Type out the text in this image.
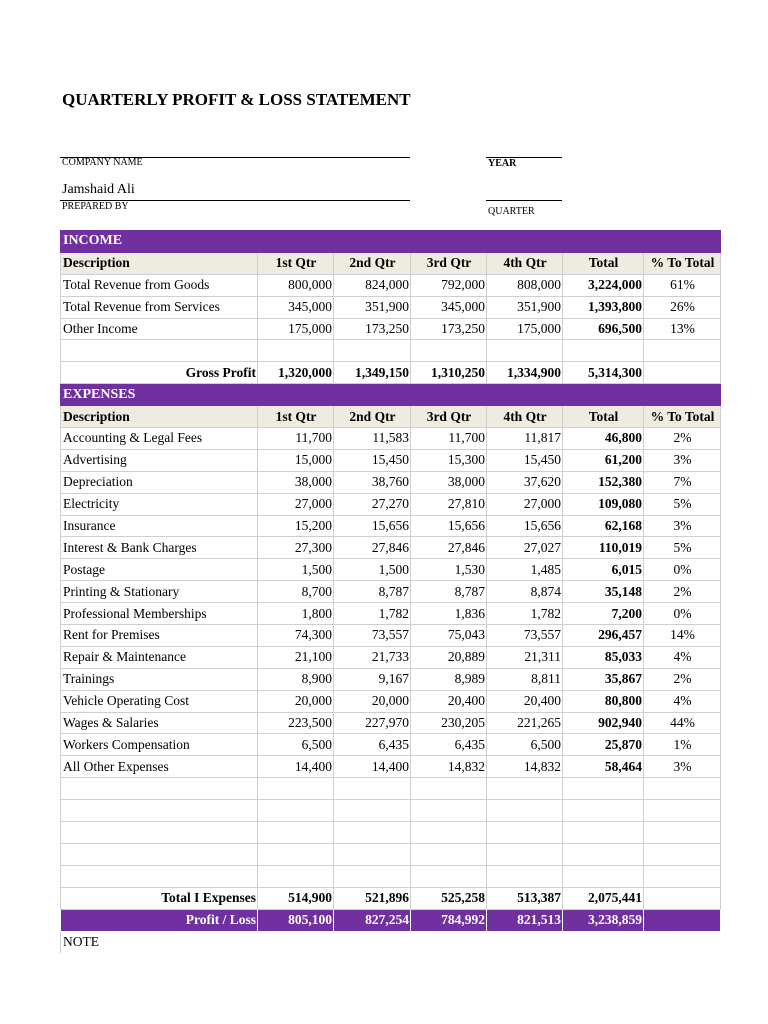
QUARTERLY PROFIT & LOSS STATEMENT
COMPANY NAME
Jamshaid Ali
PREPARED BY
YEAR
QUARTER
INCOME						
Description	1st Qtr	2nd Qtr	3rd Qtr	4th Qtr	Total	% To Total
Total Revenue from Goods	800,000	824,000	792,000	808,000	3,224,000	61%
Total Revenue from Services	345,000	351,900	345,000	351,900	1,393,800	26%
Other Income	175,000	173,250	173,250	175,000	696,500	13%

Gross Profit	1,320,000	1,349,150	1,310,250	1,334,900	5,314,300	
EXPENSES						
Description	1st Qtr	2nd Qtr	3rd Qtr	4th Qtr	Total	% To Total
Accounting & Legal Fees	11,700	11,583	11,700	11,817	46,800	2%
Advertising	15,000	15,450	15,300	15,450	61,200	3%
Depreciation	38,000	38,760	38,000	37,620	152,380	7%
Electricity	27,000	27,270	27,810	27,000	109,080	5%
Insurance	15,200	15,656	15,656	15,656	62,168	3%
Interest & Bank Charges	27,300	27,846	27,846	27,027	110,019	5%
Postage	1,500	1,500	1,530	1,485	6,015	0%
Printing & Stationary	8,700	8,787	8,787	8,874	35,148	2%
Professional Memberships	1,800	1,782	1,836	1,782	7,200	0%
Rent for Premises	74,300	73,557	75,043	73,557	296,457	14%
Repair & Maintenance	21,100	21,733	20,889	21,311	85,033	4%
Trainings	8,900	9,167	8,989	8,811	35,867	2%
Vehicle Operating Cost	20,000	20,000	20,400	20,400	80,800	4%
Wages & Salaries	223,500	227,970	230,205	221,265	902,940	44%
Workers Compensation	6,500	6,435	6,435	6,500	25,870	1%
All Other Expenses	14,400	14,400	14,832	14,832	58,464	3%

Total I Expenses	514,900	521,896	525,258	513,387	2,075,441	
Profit / Loss	805,100	827,254	784,992	821,513	3,238,859	
NOTE						
